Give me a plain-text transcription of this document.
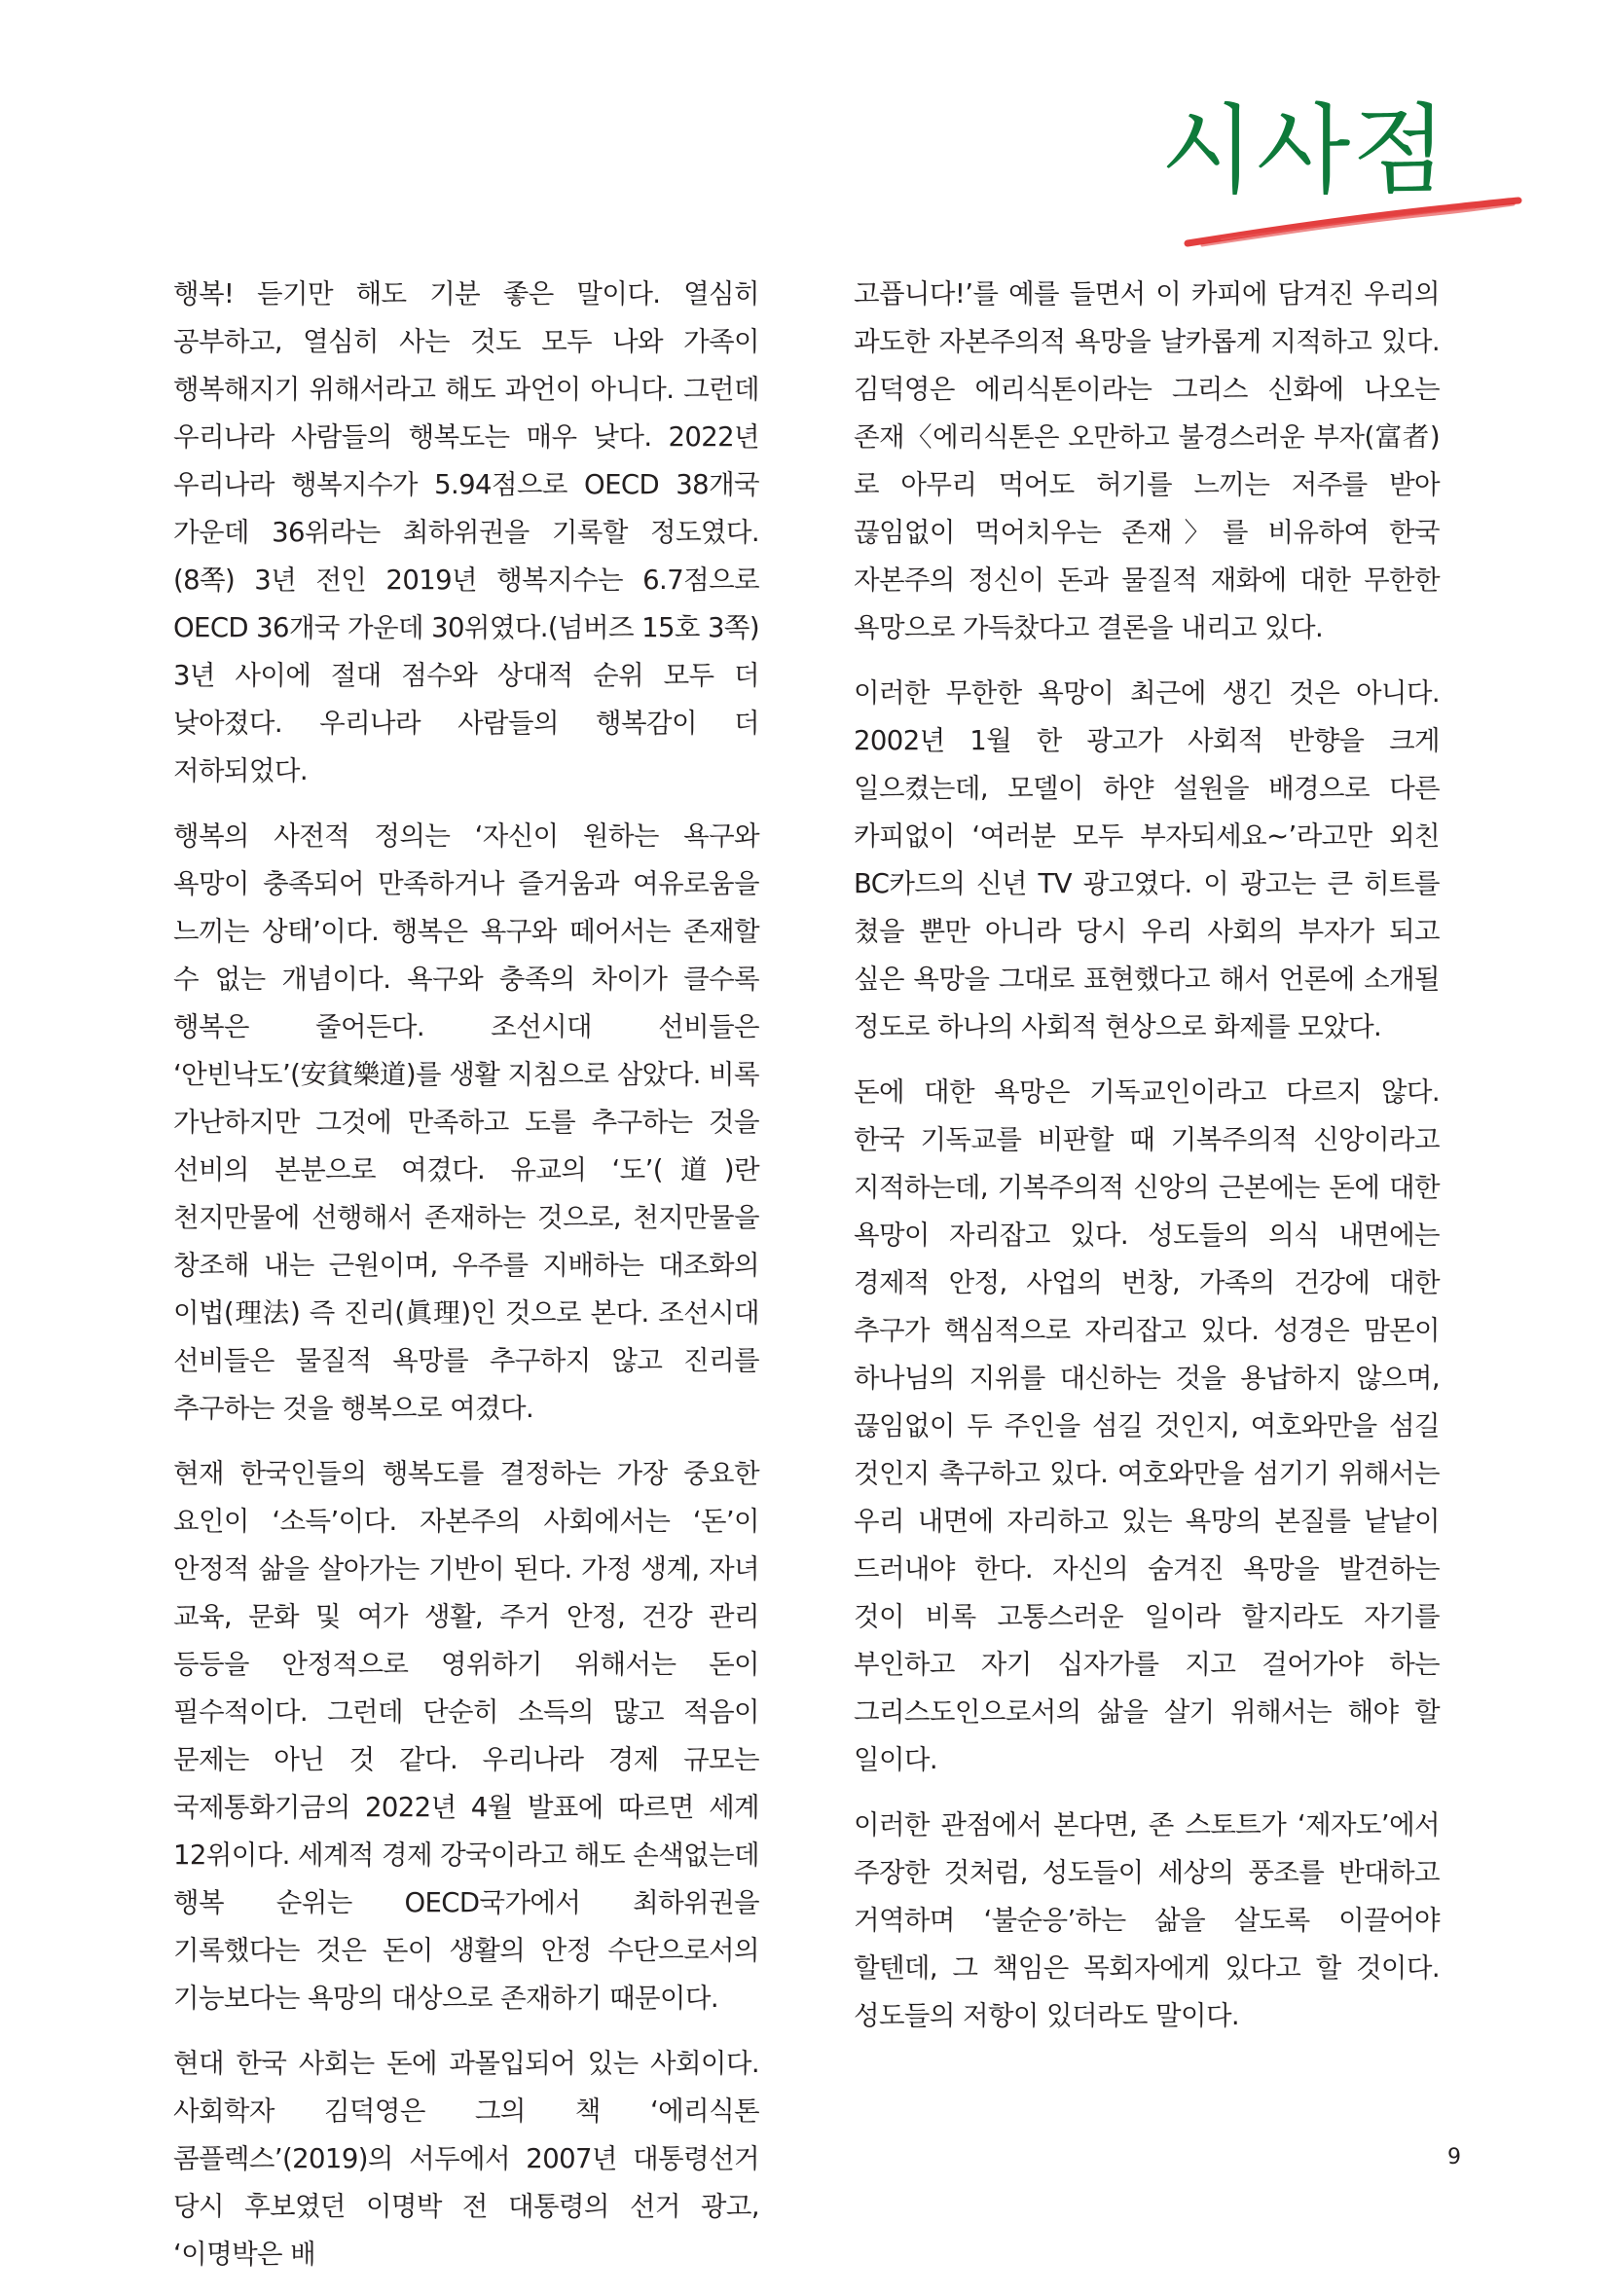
시사점

행복! 듣기만 해도 기분 좋은 말이다. 열심히 공부하고, 열심히 사는 것도 모두 나와 가족이 행복해지기 위해서라고 해도 과언이 아니다. 그런데 우리나라 사람들의 행복도는 매우 낮다. 2022년 우리나라 행복지수가 5.94점으로 OECD 38개국 가운데 36위라는 최하위권을 기록할 정도였다.(8쪽) 3년 전인 2019년 행복지수는 6.7점으로 OECD 36개국 가운데 30위였다.(넘버즈 15호 3쪽) 3년 사이에 절대 점수와 상대적 순위 모두 더 낮아졌다. 우리나라 사람들의 행복감이 더 저하되었다.

행복의 사전적 정의는 ‘자신이 원하는 욕구와 욕망이 충족되어 만족하거나 즐거움과 여유로움을 느끼는 상태’이다. 행복은 욕구와 떼어서는 존재할 수 없는 개념이다. 욕구와 충족의 차이가 클수록 행복은 줄어든다. 조선시대 선비들은 ‘안빈낙도’(安貧樂道)를 생활 지침으로 삼았다. 비록 가난하지만 그것에 만족하고 도를 추구하는 것을 선비의 본분으로 여겼다. 유교의 ‘도’(道)란 천지만물에 선행해서 존재하는 것으로, 천지만물을 창조해 내는 근원이며, 우주를 지배하는 대조화의 이법(理法) 즉 진리(眞理)인 것으로 본다. 조선시대 선비들은 물질적 욕망를 추구하지 않고 진리를 추구하는 것을 행복으로 여겼다.

현재 한국인들의 행복도를 결정하는 가장 중요한 요인이 ‘소득’이다. 자본주의 사회에서는 ‘돈’이 안정적 삶을 살아가는 기반이 된다. 가정 생계, 자녀 교육, 문화 및 여가 생활, 주거 안정, 건강 관리 등등을 안정적으로 영위하기 위해서는 돈이 필수적이다. 그런데 단순히 소득의 많고 적음이 문제는 아닌 것 같다. 우리나라 경제 규모는 국제통화기금의 2022년 4월 발표에 따르면 세계 12위이다. 세계적 경제 강국이라고 해도 손색없는데 행복 순위는 OECD국가에서 최하위권을 기록했다는 것은 돈이 생활의 안정 수단으로서의 기능보다는 욕망의 대상으로 존재하기 때문이다.

현대 한국 사회는 돈에 과몰입되어 있는 사회이다. 사회학자 김덕영은 그의 책 ‘에리식톤 콤플렉스’(2019)의 서두에서 2007년 대통령선거 당시 후보였던 이명박 전 대통령의 선거 광고, ‘이명박은 배

고픕니다!’를 예를 들면서 이 카피에 담겨진 우리의 과도한 자본주의적 욕망을 날카롭게 지적하고 있다. 김덕영은 에리식톤이라는 그리스 신화에 나오는 존재〈에리식톤은 오만하고 불경스러운 부자(富者)로 아무리 먹어도 허기를 느끼는 저주를 받아 끊임없이 먹어치우는 존재〉를 비유하여 한국 자본주의 정신이 돈과 물질적 재화에 대한 무한한 욕망으로 가득찼다고 결론을 내리고 있다.

이러한 무한한 욕망이 최근에 생긴 것은 아니다. 2002년 1월 한 광고가 사회적 반향을 크게 일으켰는데, 모델이 하얀 설원을 배경으로 다른 카피없이 ‘여러분 모두 부자되세요~’라고만 외친 BC카드의 신년 TV 광고였다. 이 광고는 큰 히트를 쳤을 뿐만 아니라 당시 우리 사회의 부자가 되고 싶은 욕망을 그대로 표현했다고 해서 언론에 소개될 정도로 하나의 사회적 현상으로 화제를 모았다.

돈에 대한 욕망은 기독교인이라고 다르지 않다. 한국 기독교를 비판할 때 기복주의적 신앙이라고 지적하는데, 기복주의적 신앙의 근본에는 돈에 대한 욕망이 자리잡고 있다. 성도들의 의식 내면에는 경제적 안정, 사업의 번창, 가족의 건강에 대한 추구가 핵심적으로 자리잡고 있다. 성경은 맘몬이 하나님의 지위를 대신하는 것을 용납하지 않으며, 끊임없이 두 주인을 섬길 것인지, 여호와만을 섬길 것인지 촉구하고 있다. 여호와만을 섬기기 위해서는 우리 내면에 자리하고 있는 욕망의 본질를 낱낱이 드러내야 한다. 자신의 숨겨진 욕망을 발견하는 것이 비록 고통스러운 일이라 할지라도 자기를 부인하고 자기 십자가를 지고 걸어가야 하는 그리스도인으로서의 삶을 살기 위해서는 해야 할 일이다.

이러한 관점에서 본다면, 존 스토트가 ‘제자도’에서 주장한 것처럼, 성도들이 세상의 풍조를 반대하고 거역하며 ‘불순응’하는 삶을 살도록 이끌어야 할텐데, 그 책임은 목회자에게 있다고 할 것이다. 성도들의 저항이 있더라도 말이다.

9
